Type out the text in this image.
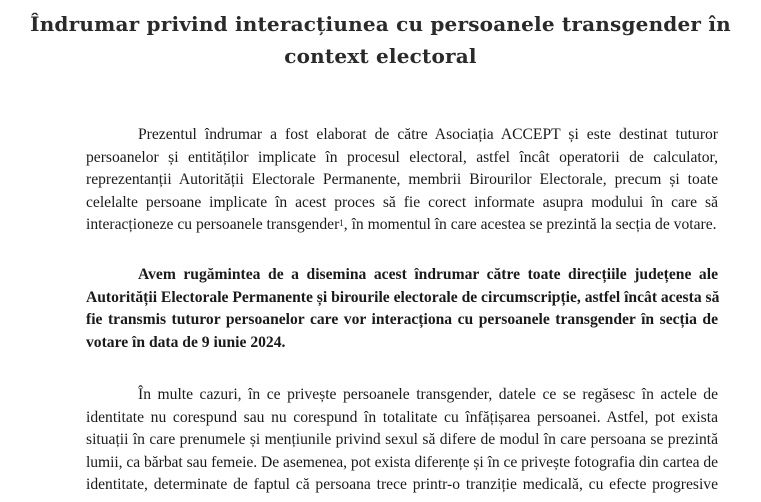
Îndrumar privind interacțiunea cu persoanele transgender în
context electoral
Prezentul îndrumar a fost elaborat de către Asociația ACCEPT și este destinat tuturor
persoanelor și entităților implicate în procesul electoral, astfel încât operatorii de calculator,
reprezentanții Autorității Electorale Permanente, membrii Birourilor Electorale, precum și toate
celelalte persoane implicate în acest proces să fie corect informate asupra modului în care să
interacționeze cu persoanele transgender$^1$, în momentul în care acestea se prezintă la secția de votare.
Avem rugămintea de a disemina acest îndrumar către toate direcțiile județene ale
Autorității Electorale Permanente și birourile electorale de circumscripție, astfel încât acesta să
fie transmis tuturor persoanelor care vor interacționa cu persoanele transgender în secția de
votare în data de 9 iunie 2024.
În multe cazuri, în ce privește persoanele transgender, datele ce se regăsesc în actele de
identitate nu corespund sau nu corespund în totalitate cu înfățișarea persoanei. Astfel, pot exista
situații în care prenumele și mențiunile privind sexul să difere de modul în care persoana se prezintă
lumii, ca bărbat sau femeie. De asemenea, pot exista diferențe și în ce privește fotografia din cartea de
identitate, determinate de faptul că persoana trece printr-o tranziție medicală, cu efecte progresive
